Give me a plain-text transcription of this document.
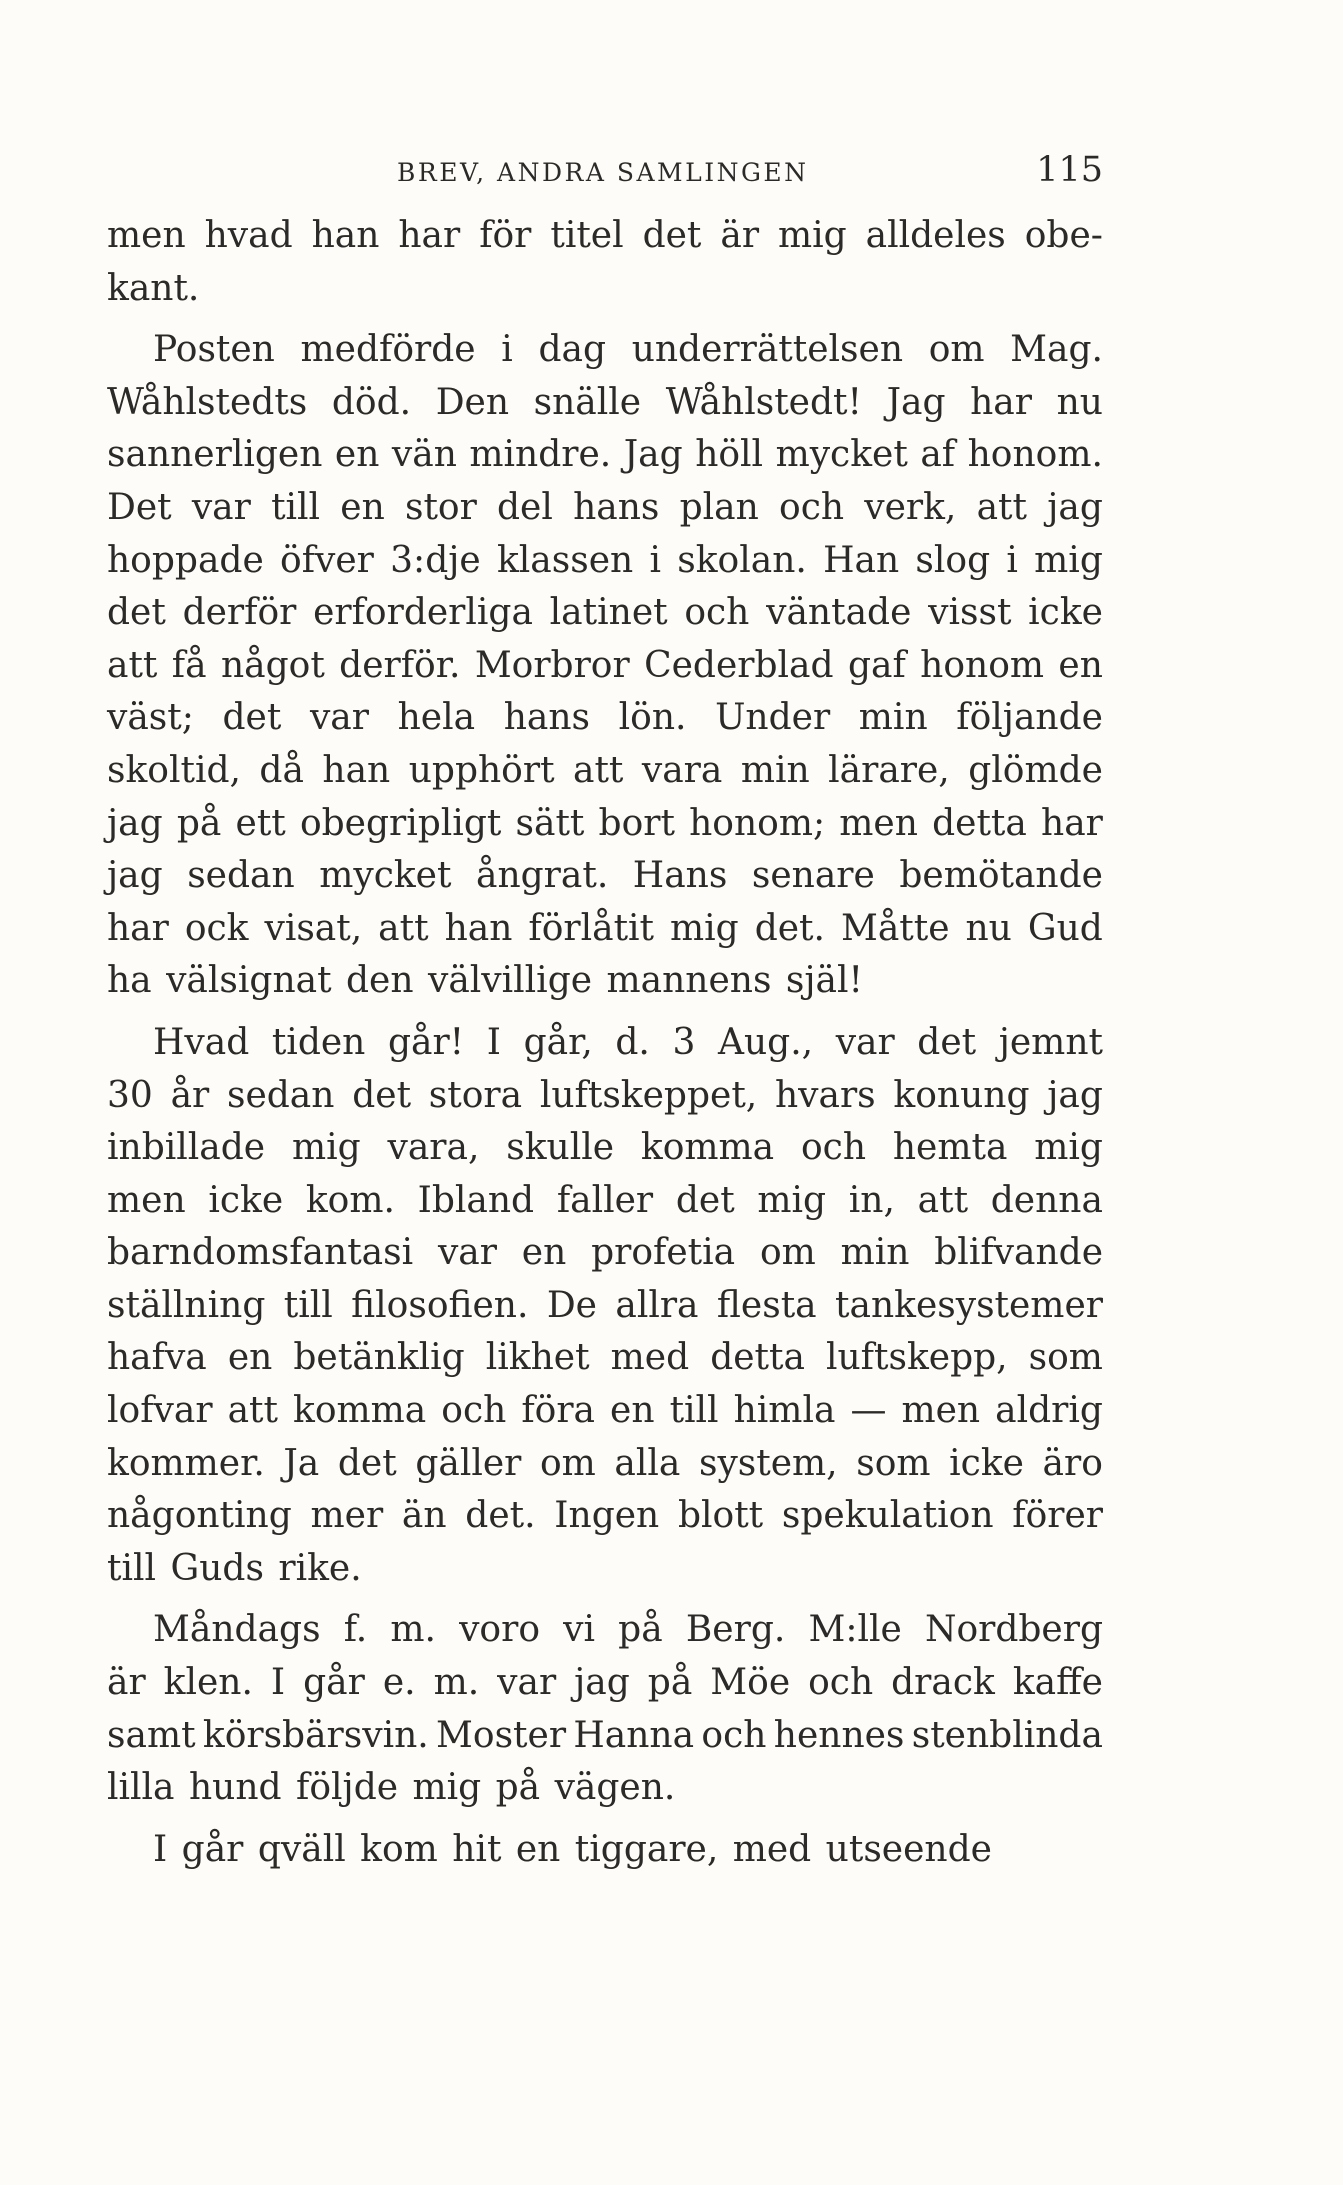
BREV, ANDRA SAMLINGEN	115
men hvad han har för titel det är mig alldeles obe-
kant.
Posten medförde i dag underrättelsen om Mag.
Wåhlstedts död. Den snälle Wåhlstedt! Jag har nu
sannerligen en vän mindre. Jag höll mycket af honom.
Det var till en stor del hans plan och verk, att jag
hoppade öfver 3:dje klassen i skolan. Han slog i mig
det derför erforderliga latinet och väntade visst icke
att få något derför. Morbror Cederblad gaf honom en
väst; det var hela hans lön. Under min följande
skoltid, då han upphört att vara min lärare, glömde
jag på ett obegripligt sätt bort honom; men detta har
jag sedan mycket ångrat. Hans senare bemötande
har ock visat, att han förlåtit mig det. Måtte nu Gud
ha välsignat den välvillige mannens själ!
Hvad tiden går! I går, d. 3 Aug., var det jemnt
30 år sedan det stora luftskeppet, hvars konung jag
inbillade mig vara, skulle komma och hemta mig
men icke kom. Ibland faller det mig in, att denna
barndomsfantasi var en profetia om min blifvande
ställning till filosofien. De allra flesta tankesystemer
hafva en betänklig likhet med detta luftskepp, som
lofvar att komma och föra en till himla — men aldrig
kommer. Ja det gäller om alla system, som icke äro
någonting mer än det. Ingen blott spekulation förer
till Guds rike.
Måndags f. m. voro vi på Berg. M:lle Nordberg
är klen. I går e. m. var jag på Möe och drack kaffe
samt körsbärsvin. Moster Hanna och hennes stenblinda
lilla hund följde mig på vägen.
I går qväll kom hit en tiggare, med utseende
